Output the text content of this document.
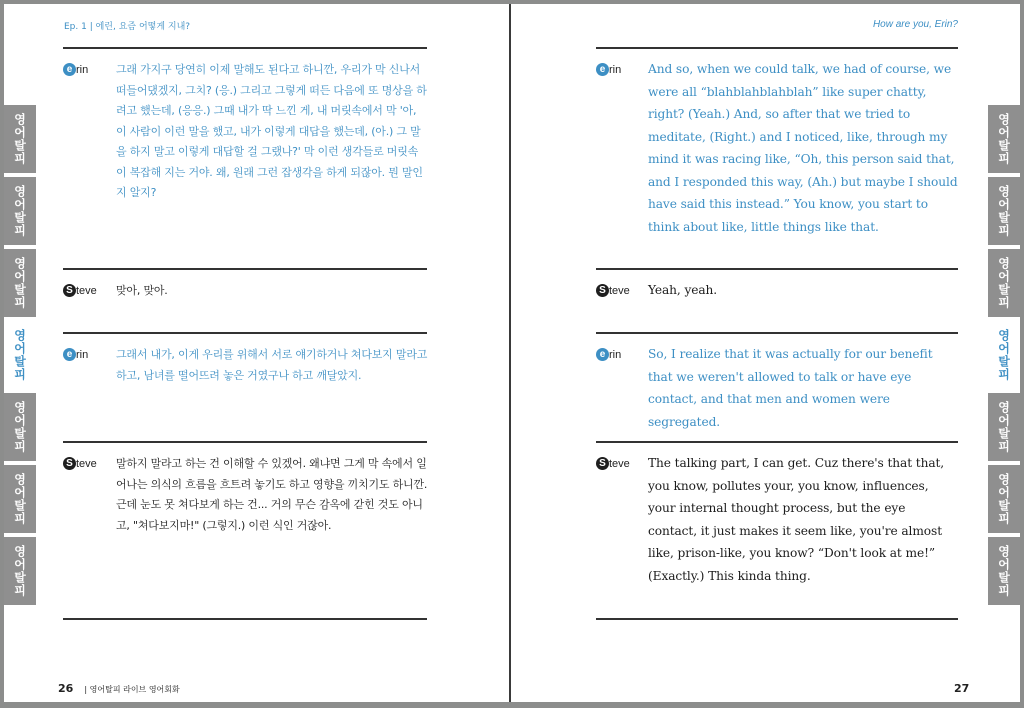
Ep. 1 | 에린, 요즘 어떻게 지내?
e rin	그래 가지구 당연히 이제 말해도 된다고 하니깐, 우리가 막 신나서 떠들어댔겠지, 그치? (응.) 그리고 그렇게 떠든 다음에 또 명상을 하려고 했는데, (응응.) 그때 내가 딱 느낀 게, 내 머릿속에서 막 '아, 이 사람이 이런 말을 했고, 내가 이렇게 대답을 했는데, (아.) 그 말을 하지 말고 이렇게 대답할 걸 그랬나?' 막 이런 생각들로 머릿속이 복잡해 지는 거야. 왜, 원래 그런 잡생각을 하게 되잖아. 뭔 말인지 알지?
S teve 맞아, 맞아.
e rin	그래서 내가, 이게 우리를 위해서 서로 얘기하거나 쳐다보지 말라고 하고, 남녀를 떨어뜨려 놓은 거였구나 하고 깨달았지.
S teve 말하지 말라고 하는 건 이해할 수 있겠어. 왜냐면 그게 막 속에서 일어나는 의식의 흐름을 흐트려 놓기도 하고 영향을 끼치기도 하니깐. 근데 눈도 못 쳐다보게 하는 건... 거의 무슨 감옥에 갇힌 것도 아니고, "쳐다보지마!" (그렇지.) 이런 식인 거잖아.
26 | 영어탈피 라이브 영어회화
영어탈피
영어탈피
영어탈피
영어탈피
영어탈피
영어탈피
영어탈피
How are you, Erin?
e rin And so, when we could talk, we had of course, we were all “blahblahblahblah” like super chatty, right? (Yeah.) And, so after that we tried to meditate, (Right.) and I noticed, like, through my mind it was racing like, “Oh, this person said that, and I responded this way, (Ah.) but maybe I should have said this instead.” You know, you start to think about like, little things like that.
S teve Yeah, yeah.
e rin So, I realize that it was actually for our benefit that we weren't allowed to talk or have eye contact, and that men and women were segregated.
S teve The talking part, I can get. Cuz there's that that, you know, pollutes your, you know, influences, your internal thought process, but the eye contact, it just makes it seem like, you're almost like, prison-like, you know? “Don't look at me!” (Exactly.) This kinda thing.
27
영어탈피
영어탈피
영어탈피
영어탈피
영어탈피
영어탈피
영어탈피
